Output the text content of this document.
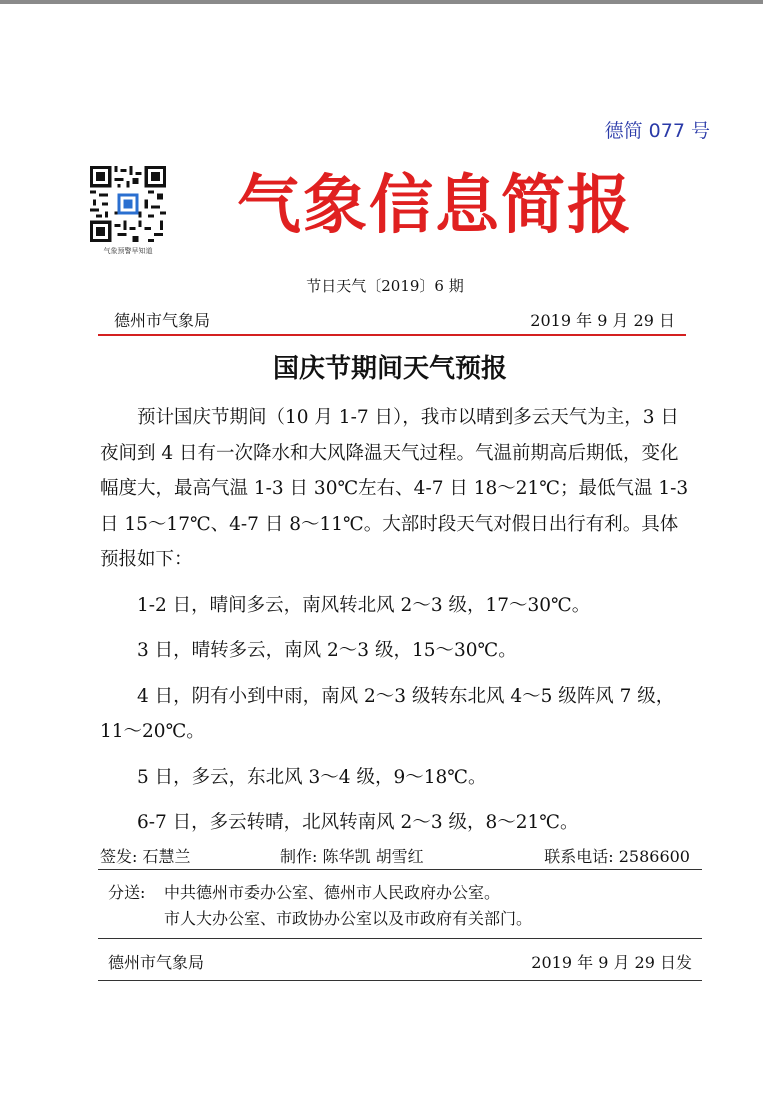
德简 077 号
气象预警早知道
气象信息简报
节日天气〔2019〕6 期
德州市气象局	2019 年 9 月 29 日
国庆节期间天气预报

预计国庆节期间（10 月 1-7 日），我市以晴到多云天气为主，3 日夜间到 4 日有一次降水和大风降温天气过程。气温前期高后期低，变化幅度大，最高气温 1-3 日 30℃左右、4-7 日 18～21℃；最低气温 1-3 日 15～17℃、4-7 日 8～11℃。大部时段天气对假日出行有利。具体预报如下：

1-2 日，晴间多云，南风转北风 2～3 级，17～30℃。

3 日，晴转多云，南风 2～3 级，15～30℃。

4 日，阴有小到中雨，南风 2～3 级转东北风 4～5 级阵风 7 级，11～20℃。

5 日，多云，东北风 3～4 级，9～18℃。

6-7 日，多云转晴，北风转南风 2～3 级，8～21℃。

签发: 石慧兰	制作: 陈华凯 胡雪红	联系电话: 2586600
分送: 中共德州市委办公室、德州市人民政府办公室。
市人大办公室、市政协办公室以及市政府有关部门。
德州市气象局	2019 年 9 月 29 日发
